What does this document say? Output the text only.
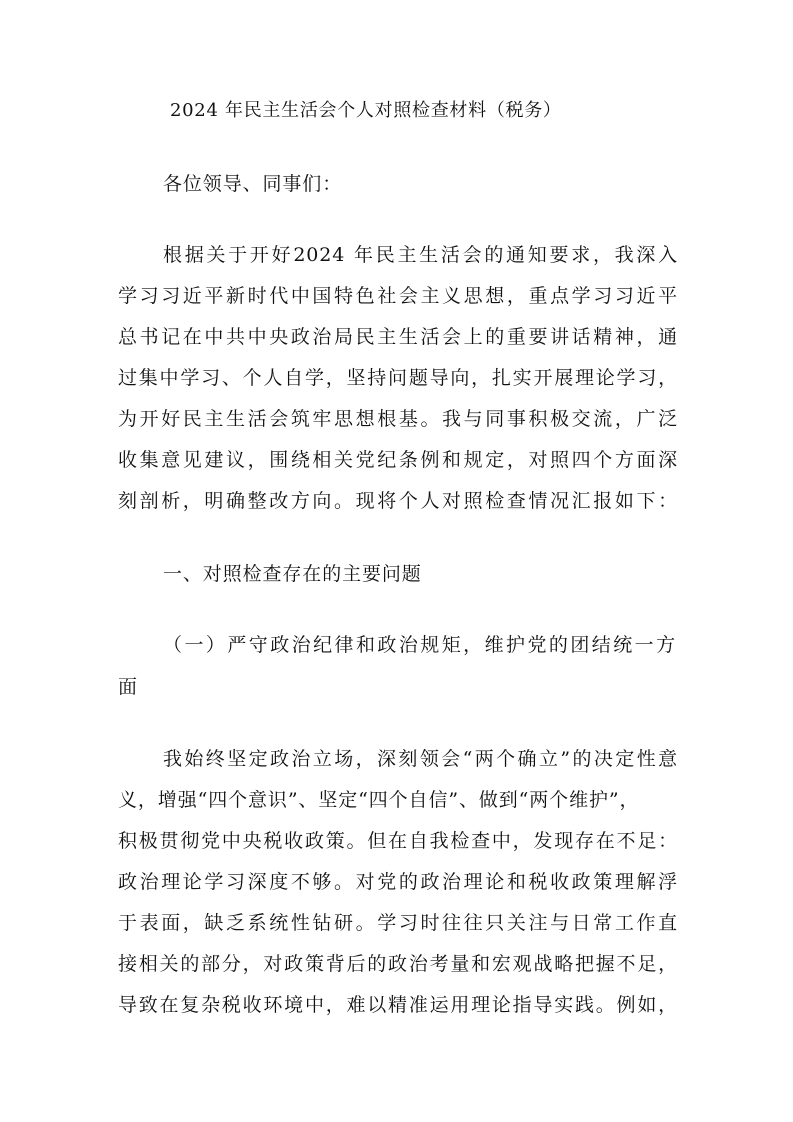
2024 年民主生活会个人对照检查材料（税务）
各位领导、同事们：
根据关于开好2024 年民主生活会的通知要求，我深入
学习习近平新时代中国特色社会主义思想，重点学习习近平
总书记在中共中央政治局民主生活会上的重要讲话精神，通
过集中学习、个人自学，坚持问题导向，扎实开展理论学习，
为开好民主生活会筑牢思想根基。我与同事积极交流，广泛
收集意见建议，围绕相关党纪条例和规定，对照四个方面深
刻剖析，明确整改方向。现将个人对照检查情况汇报如下：
一、对照检查存在的主要问题
（一）严守政治纪律和政治规矩，维护党的团结统一方
面
我始终坚定政治立场，深刻领会“两个确立”的决定性意
义，增强“四个意识”、坚定“四个自信”、做到“两个维护”，
积极贯彻党中央税收政策。但在自我检查中，发现存在不足：
政治理论学习深度不够。对党的政治理论和税收政策理解浮
于表面，缺乏系统性钻研。学习时往往只关注与日常工作直
接相关的部分，对政策背后的政治考量和宏观战略把握不足，
导致在复杂税收环境中，难以精准运用理论指导实践。例如，
